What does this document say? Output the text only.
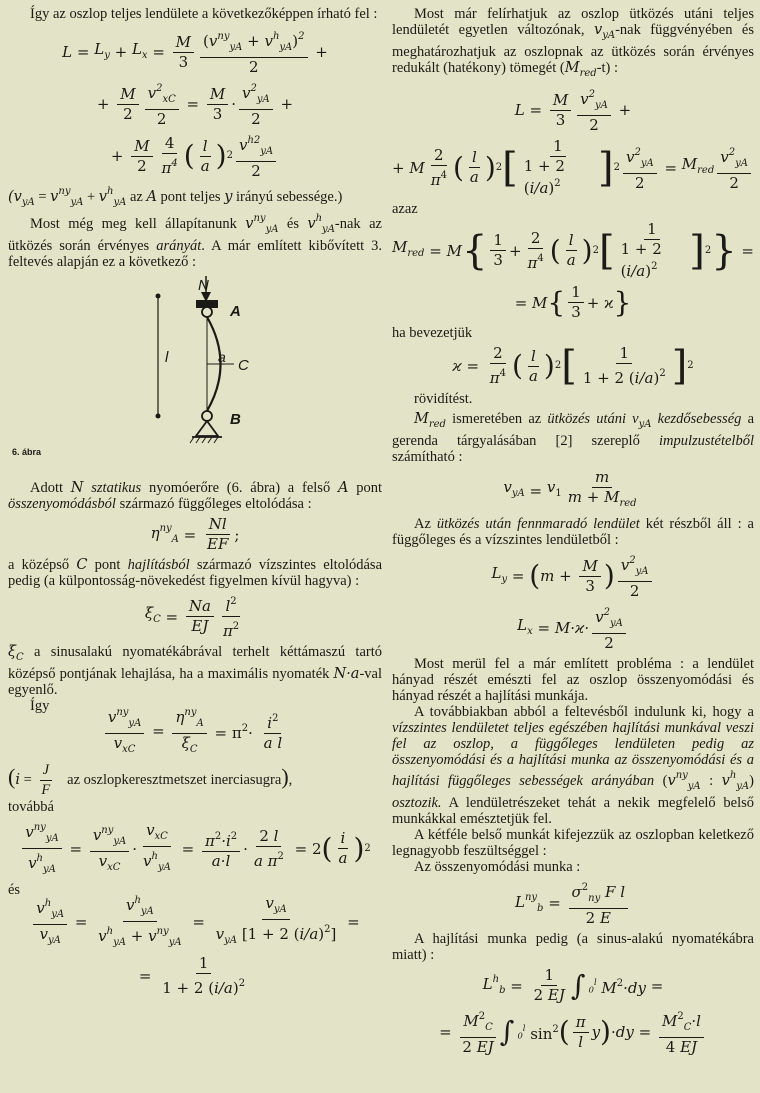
Így az oszlop teljes lendülete a következőképpen írható fel :

$L = L_y + L_x = \frac{M}{3} \frac{(v^{ny}_{yA} + v^h_{yA})^2}{2}$ +
+ $\frac{M}{2} \frac{v^2_{xC}}{2} = \frac{M}{3} \cdot \frac{v^2_{yA}}{2}$ +
+ $\frac{M}{2} \frac{4}{\pi^4}$ ( $\frac{l}{a}$ ) $2 \frac{v^{h2}_{yA}}{2}$

($v_{yA} = v^{ny}_{yA} + v^h_{yA}$ az A pont teljes y irányú sebessége.)

Most még meg kell állapítanunk $v^{ny}_{yA}$ és $v^h_{yA}$-nak az ütközés során érvényes arányát. A már említett kibővített 3. feltevés alapján ez a következő :

N
A
a C
l
B
6. ábra

Adott N sztatikus nyomóerőre (6. ábra) a felső A pont összenyomódásból származó függőleges eltolódása :

$\eta^{ny}_A = \frac{Nl}{EF}$ ;

a középső C pont hajlításból származó vízszintes eltolódása pedig (a külpontosság-növekedést figyelmen kívül hagyva) :

$\xi_C = \frac{Na}{EJ} \frac{l^2}{\pi^2}$

$\xi_C$ a sinusalakú nyomatékábrával terhelt kéttámaszú tartó középső pontjának lehajlása, ha a maximális nyomaték N·a-val egyenlő.

Így	$\frac{v^{ny}_{yA}}{v_{xC}} = \frac{\eta^{ny}_A}{\xi_C} = \pi^2\cdot \frac{i^2}{\text{a l}}$

($i = \frac{J}{F}$ az oszlopkeresztmetszet inerciasugra),

továbbá

$\frac{v^{ny}_{yA}}{v^h_{yA}} = \frac{v^{ny}_{yA}}{v_{xC}} \cdot \frac{v_{xC}}{v^h_{yA}} = \frac{\pi^2\cdot i^2}{a\cdot l} \cdot \frac{2 l}{a \pi^2} = 2$ ( $\frac{i}{a}$ ) 2

és

$\frac{v^h_{yA}}{v_{yA}} = \frac{v^h_{yA}}{v^h_{yA} + v^{ny}_{yA}} = \frac{v_{yA}}{v_{yA} [1 + 2 (i/a)^2]}$ =
= $\frac{1}{1 + 2 (i/a)^2}$

Most már felírhatjuk az oszlop ütközés utáni teljes lendületét egyetlen változónak, $v_{yA}$-nak függvényében és meghatározhatjuk az oszlopnak az ütközés során érvényes redukált (hatékony) tömegét $(M_{red}-t)$ :

$L = \frac{M}{3} \frac{v^2_{yA}}{2}$ +
+ M $\frac{2}{\pi^4}$ ( $\frac{l}{a}$ ) 2 [ $\frac{1}{1 + 2 (i/a)^2}$ ] $2 \frac{v^2_{yA}}{2} = M_{red} \frac{v^2_{yA}}{2}$

azaz

$M_{red} = M$ { $\frac{1}{3} + \frac{2}{\pi^4}$ ( $\frac{l}{a}$ ) 2 [ $\frac{1}{1 + 2 (i/a)^2}$ ] 2 } =
= M { $\frac{1}{3} + ϰ$ }

ha bevezetjük

$ϰ = \frac{2}{\pi^4}$ ( $\frac{l}{a}$ ) 2 [ $\frac{1}{1 + 2 (i/a)^2}$ ] 2

rövidítést.

$M_{red}$ ismeretében az ütközés utáni $v_{yA}$ kezdősebesség a gerenda tárgyalásában [2] szereplő impulzustételből számítható :

$v_{yA} = v_1 \frac{m}{m + M_{red}}$

Az ütközés után fennmaradó lendület két részből áll : a függőleges és a vízszintes lendületből :

$L_y$ = ( $m + \frac{M}{3}$ ) $\frac{v^2_{yA}}{2}$
$L_x = M\cdot ϰ\cdot \frac{v^2_{yA}}{2}$

Most merül fel a már említett probléma : a lendület hányad részét emészti fel az oszlop összenyomódási és hányad részét a hajlítási munkája.

A továbbiakban abból a feltevésből indulunk ki, hogy a vízszintes lendületet teljes egészében hajlítási munkával veszi fel az oszlop, a függőleges lendületen pedig az összenyomódási és a hajlítási munka az összenyomódási és a hajlítási függőleges sebességek arányában ($v^{ny}_{yA}$ : $v^h_{yA}$) osztozik. A lendületrészeket tehát a nekik megfelelő belső munkákkal emésztetjük fel.

A kétféle belső munkát kifejezzük az oszlopban keletkező legnagyobb feszültséggel :

Az összenyomódási munka :

$L^{ny}_b = \frac{\sigma^2_{ny} F l}{2 E}$

A hajlítási munka pedig (a sinus-alakú nyomatékábra miatt) :

$L^h_b = \frac{1}{2 EJ}$ ∫ $_0^l$ $M^2\cdot dy$ =
= $\frac{M^2_C}{2 EJ}$ ∫ $_0^l$ $\sin^2$ ( $\frac{\pi}{l}$ y ) · dy = $\frac{M^2_C\cdot l}{4 EJ}$
